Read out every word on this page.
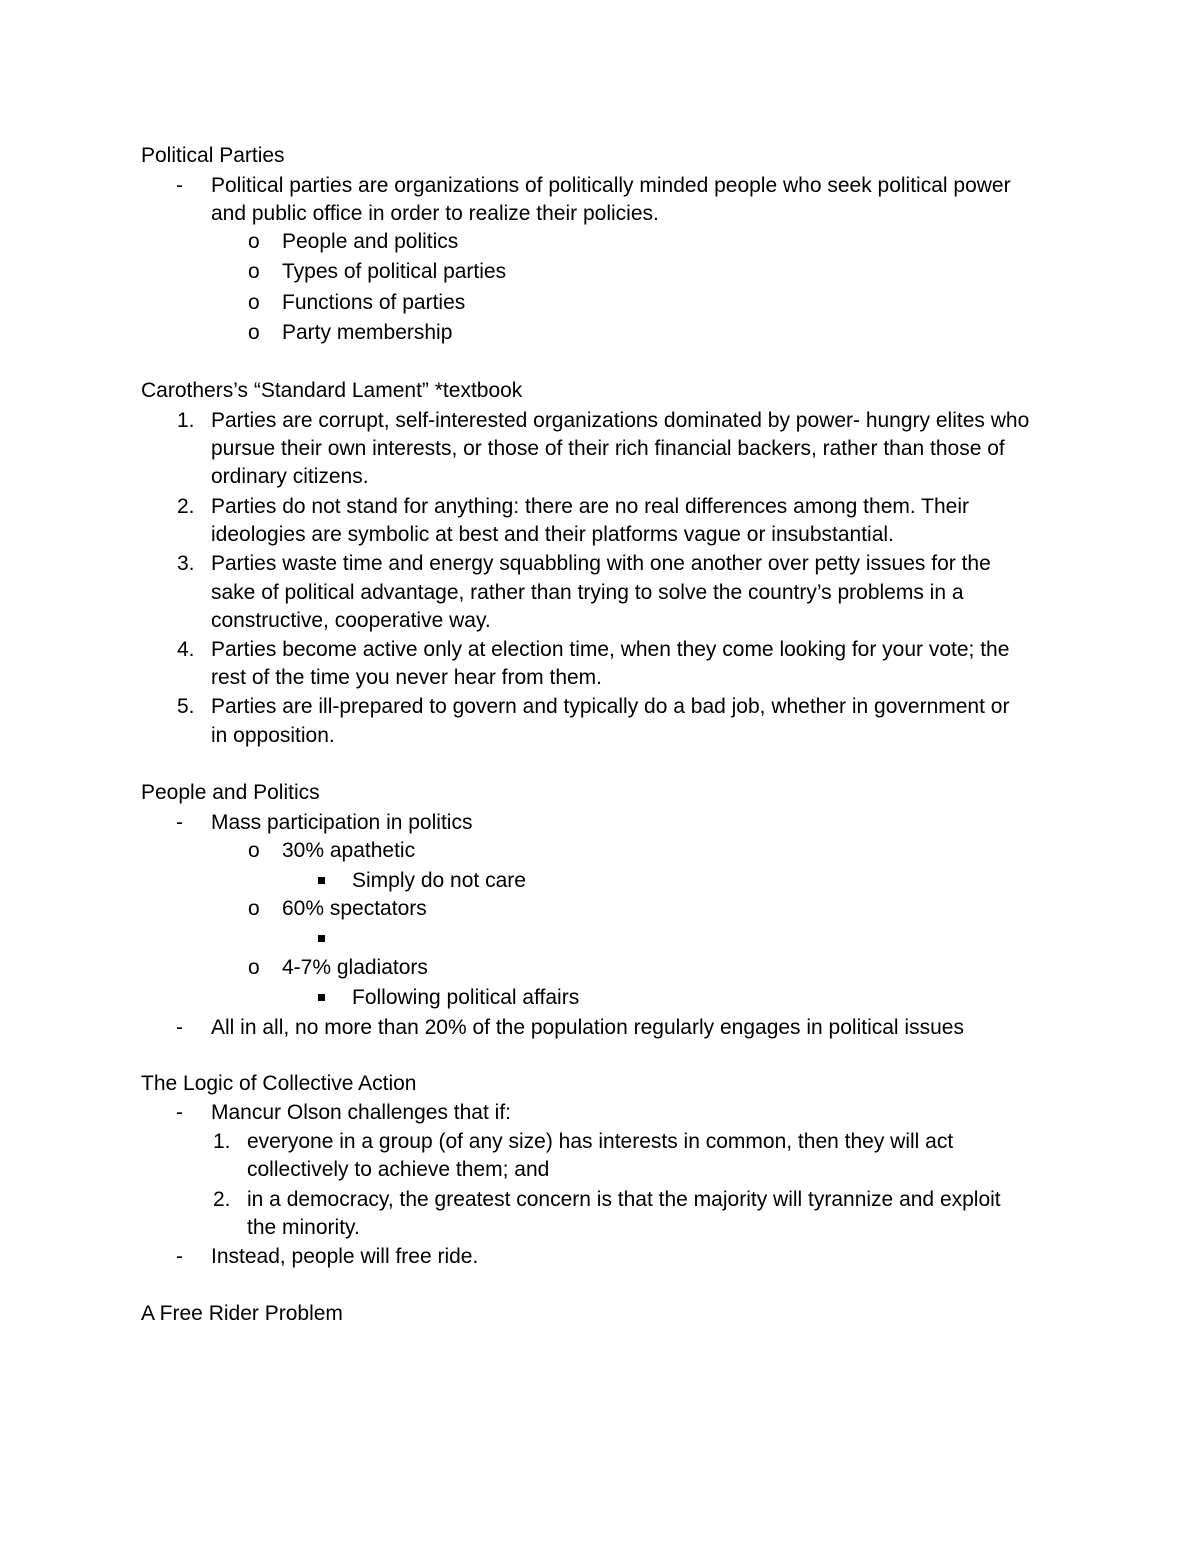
Political Parties
- Political parties are organizations of politically minded people who seek political power
and public office in order to realize their policies.
o People and politics
o Types of political parties
o Functions of parties
o Party membership
Carothers’s “Standard Lament” *textbook
1. Parties are corrupt, self-interested organizations dominated by power- hungry elites who
pursue their own interests, or those of their rich financial backers, rather than those of
ordinary citizens.
2. Parties do not stand for anything: there are no real differences among them. Their
ideologies are symbolic at best and their platforms vague or insubstantial.
3. Parties waste time and energy squabbling with one another over petty issues for the
sake of political advantage, rather than trying to solve the country’s problems in a
constructive, cooperative way.
4. Parties become active only at election time, when they come looking for your vote; the
rest of the time you never hear from them.
5. Parties are ill-prepared to govern and typically do a bad job, whether in government or
in opposition.
People and Politics
- Mass participation in politics
o 30% apathetic
Simply do not care
o 60% spectators
o 4-7% gladiators
Following political affairs
- All in all, no more than 20% of the population regularly engages in political issues
The Logic of Collective Action
- Mancur Olson challenges that if:
1. everyone in a group (of any size) has interests in common, then they will act
collectively to achieve them; and
2. in a democracy, the greatest concern is that the majority will tyrannize and exploit
the minority.
- Instead, people will free ride.
A Free Rider Problem
